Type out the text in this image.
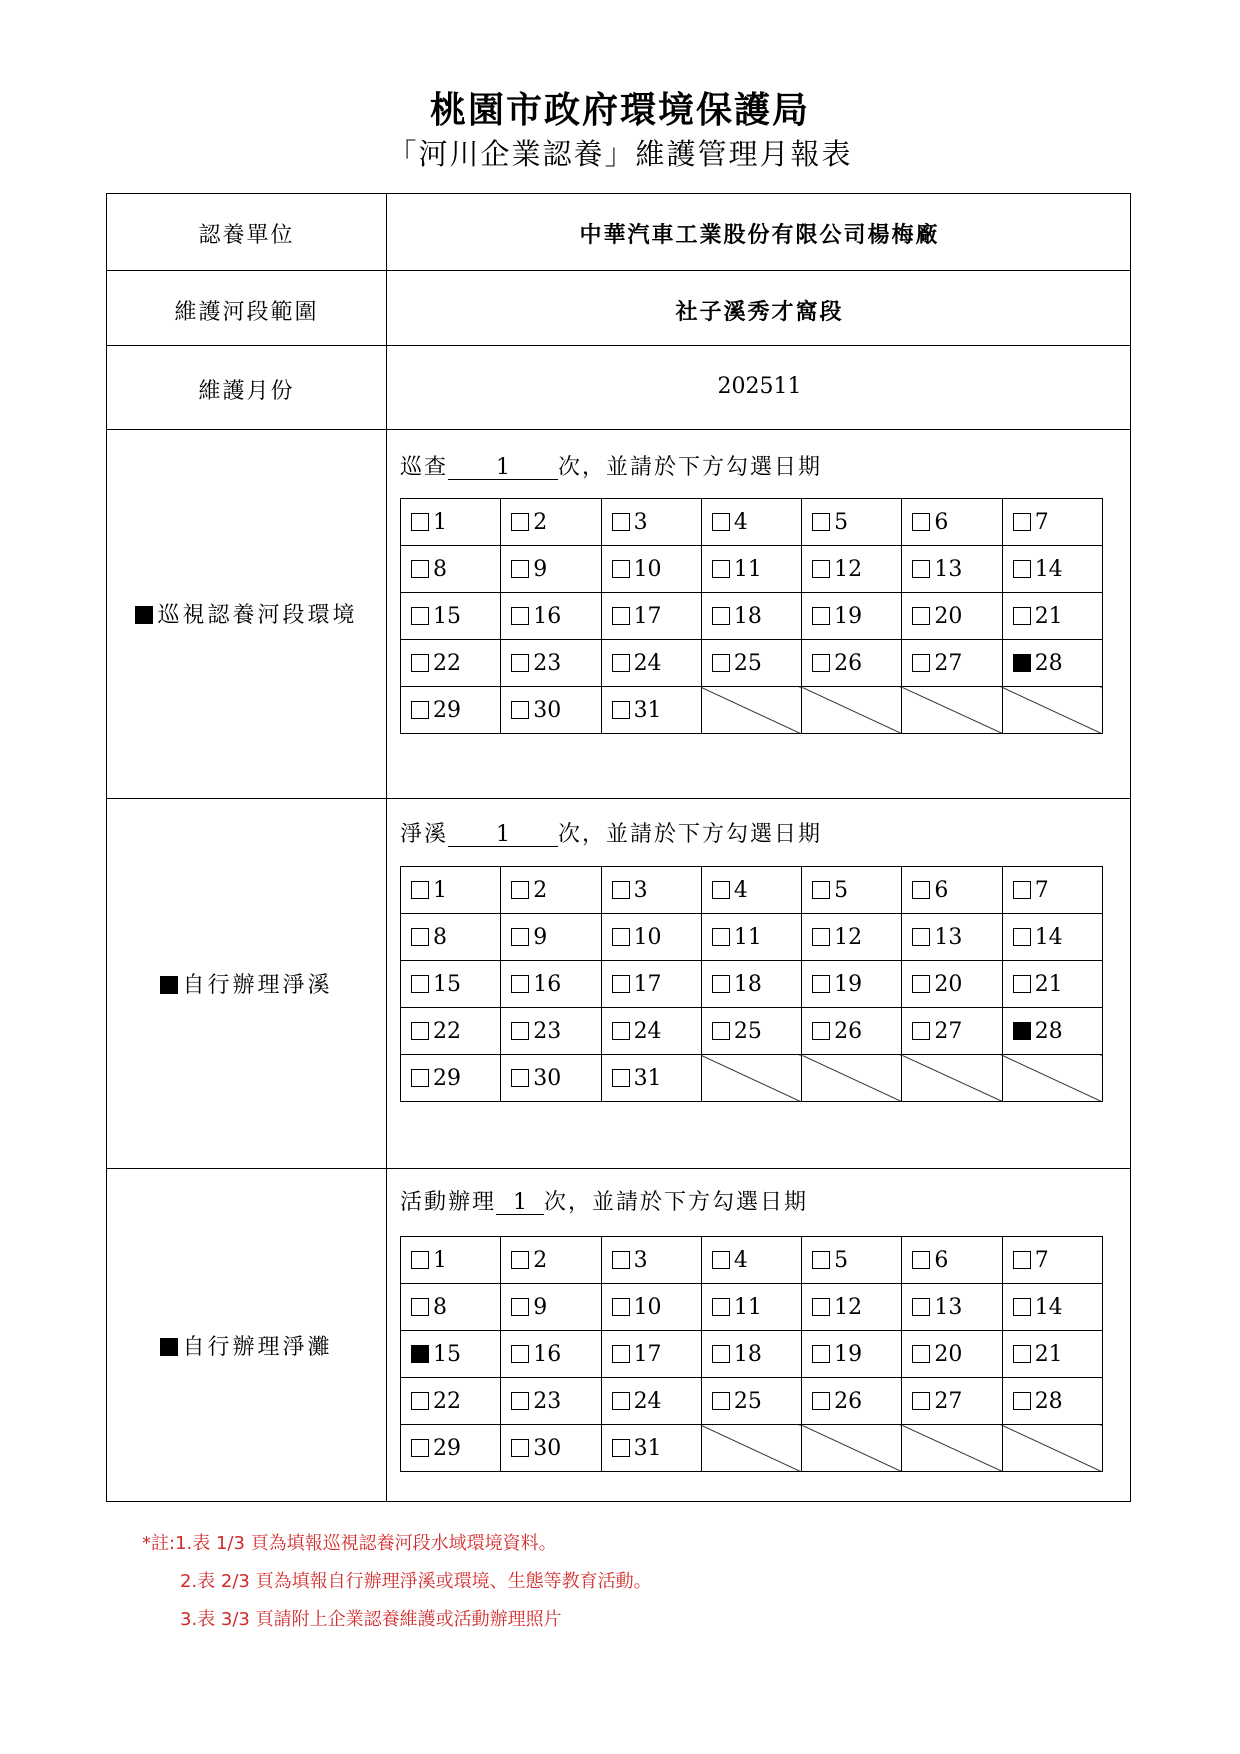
桃園市政府環境保護局
「河川企業認養」維護管理月報表
認養單位	中華汽車工業股份有限公司楊梅廠
維護河段範圍	社子溪秀才窩段
維護月份	202511
巡視認養河段環境
巡查 1 次，並請於下方勾選日期
1	2	3	4	5	6	7
8	9	10	11	12	13	14
15	16	17	18	19	20	21
22	23	24	25	26	27	28
29	30	31				
自行辦理淨溪
淨溪 1 次，並請於下方勾選日期
1	2	3	4	5	6	7
8	9	10	11	12	13	14
15	16	17	18	19	20	21
22	23	24	25	26	27	28
29	30	31				
自行辦理淨灘
活動辦理 1 次，並請於下方勾選日期
1	2	3	4	5	6	7
8	9	10	11	12	13	14
15	16	17	18	19	20	21
22	23	24	25	26	27	28
29	30	31				
*註:1.表 1/3 頁為填報巡視認養河段水域環境資料。
2.表 2/3 頁為填報自行辦理淨溪或環境、生態等教育活動。
3.表 3/3 頁請附上企業認養維護或活動辦理照片
